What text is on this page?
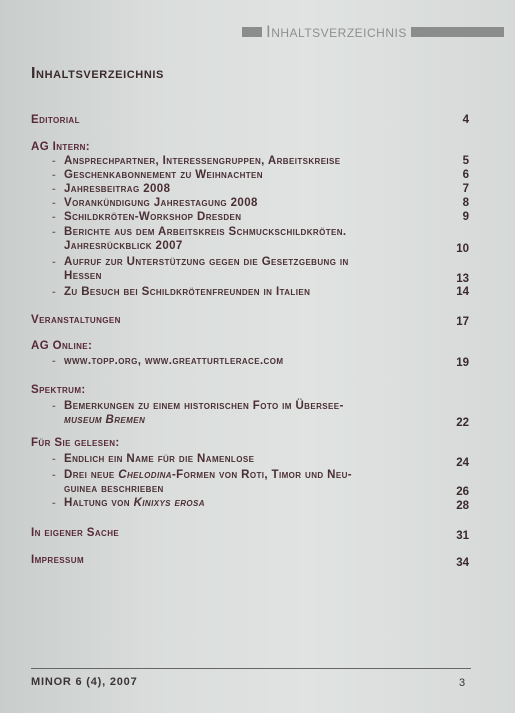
Inhaltsverzeichnis
Inhaltsverzeichnis
Editorial	4
AG Intern:
- Ansprechpartner, Interessengruppen, Arbeitskreise	5
- Geschenkabonnement zu Weihnachten	6
- Jahresbeitrag 2008	7
- Vorankündigung Jahrestagung 2008	8
- Schildkröten-Workshop Dresden	9
- Berichte aus dem Arbeitskreis Schmuckschildkröten.
Jahresrückblick 2007	10
- Aufruf zur Unterstützung gegen die Gesetzgebung in
Hessen	13
- Zu Besuch bei Schildkrötenfreunden in Italien	14
Veranstaltungen	17
AG Online:
- www.topp.org, www.greatturtlerace.com	19
Spektrum:
- Bemerkungen zu einem historischen Foto im Übersee-
museum Bremen	22
Für Sie gelesen:
- Endlich ein Name für die Namenlose	24
- Drei neue Chelodina-Formen von Roti, Timor und Neu-
guinea beschrieben	26
- Haltung von Kinixys erosa	28
In eigener Sache	31
Impressum	34
MINOR 6 (4), 2007	3
